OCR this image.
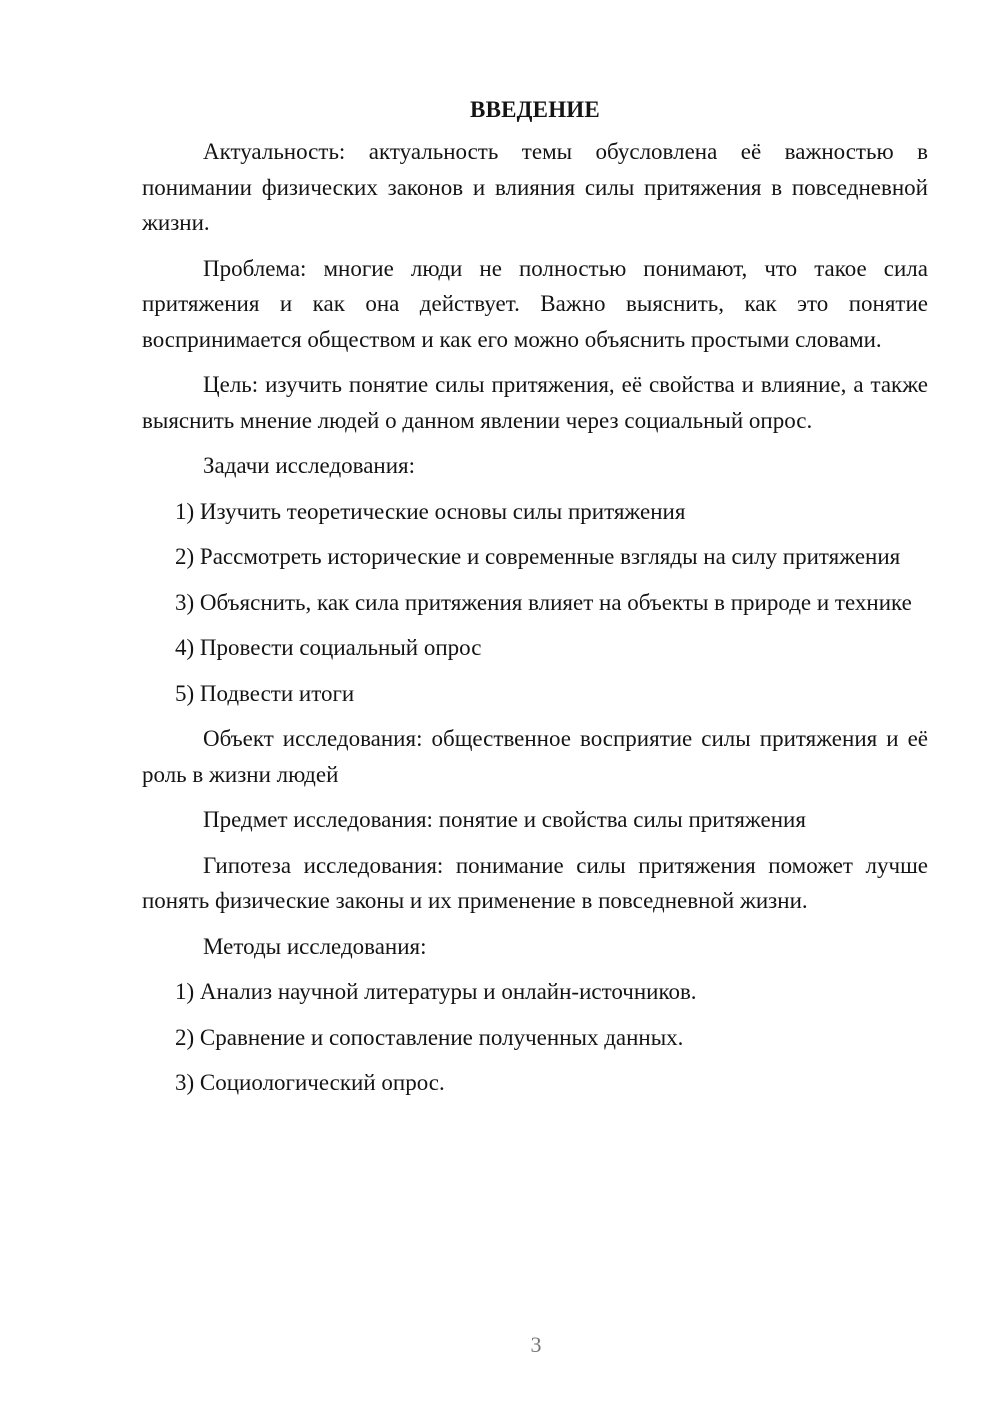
ВВЕДЕНИЕ

Актуальность: актуальность темы обусловлена её важностью в понимании физических законов и влияния силы притяжения в повседневной жизни.

Проблема: многие люди не полностью понимают, что такое сила притяжения и как она действует. Важно выяснить, как это понятие воспринимается обществом и как его можно объяснить простыми словами.

Цель: изучить понятие силы притяжения, её свойства и влияние, а также выяснить мнение людей о данном явлении через социальный опрос.

Задачи исследования:

1) Изучить теоретические основы силы притяжения

2) Рассмотреть исторические и современные взгляды на силу притяжения

3) Объяснить, как сила притяжения влияет на объекты в природе и технике

4) Провести социальный опрос

5) Подвести итоги

Объект исследования: общественное восприятие силы притяжения и её роль в жизни людей

Предмет исследования: понятие и свойства силы притяжения

Гипотеза исследования: понимание силы притяжения поможет лучше понять физические законы и их применение в повседневной жизни.

Методы исследования:

1) Анализ научной литературы и онлайн-источников.

2) Сравнение и сопоставление полученных данных.

3) Социологический опрос.

3
